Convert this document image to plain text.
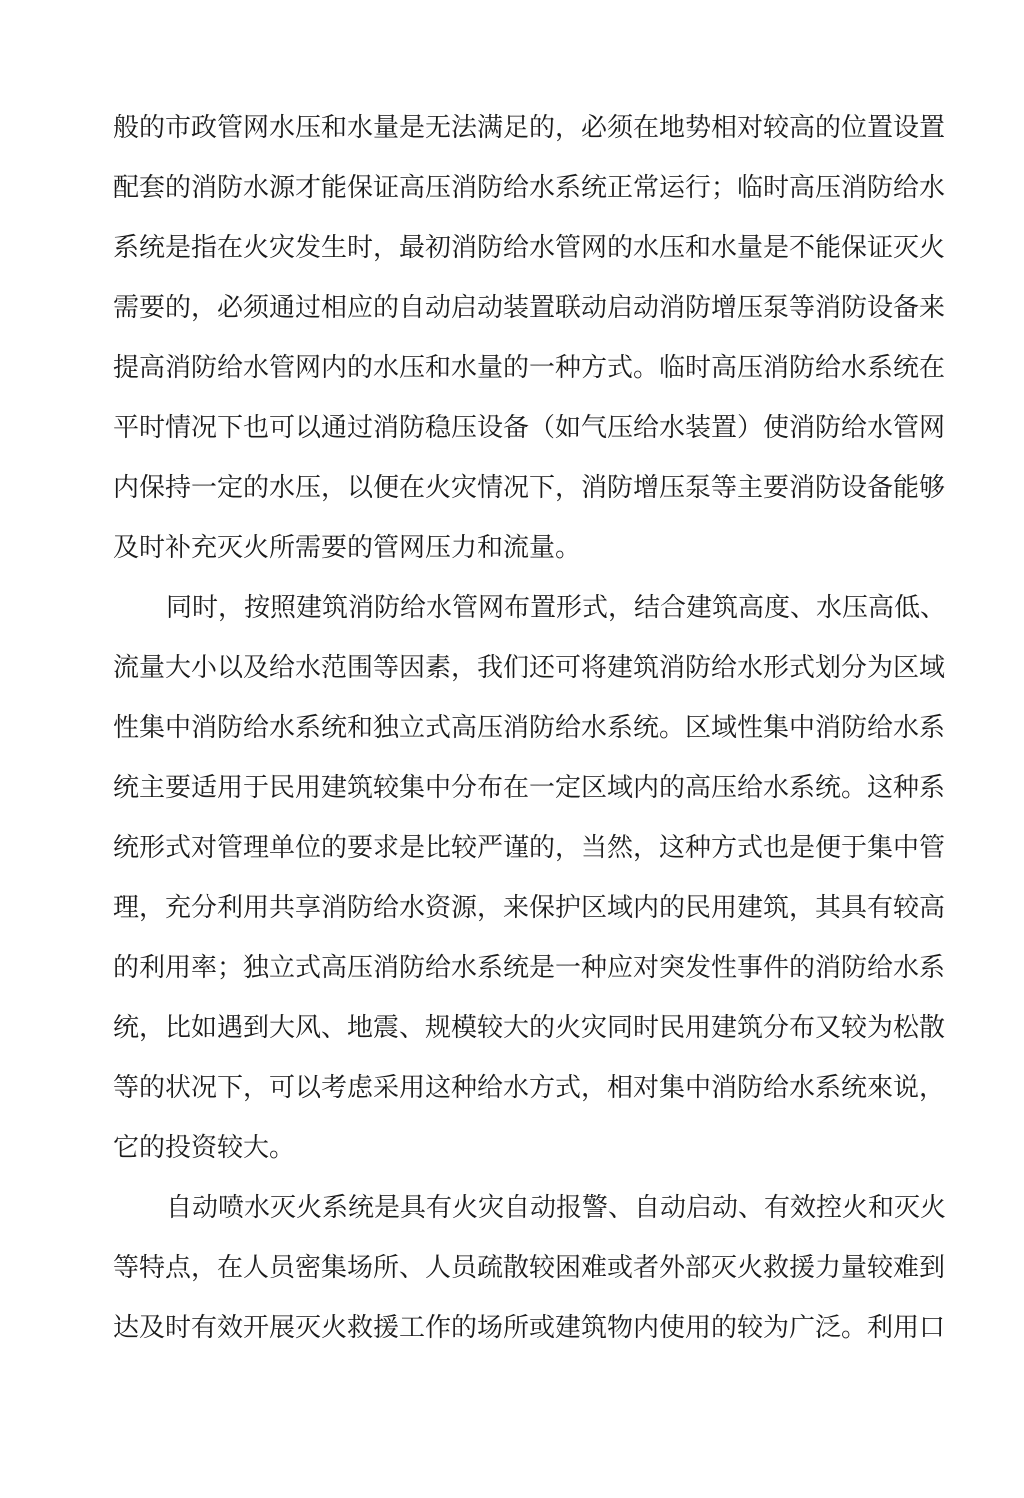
般的市政管网水压和水量是无法满足的，必须在地势相对较高的位置设置
配套的消防水源才能保证高压消防给水系统正常运行；临时高压消防给水
系统是指在火灾发生时，最初消防给水管网的水压和水量是不能保证灭火
需要的，必须通过相应的自动启动装置联动启动消防增压泵等消防设备来
提高消防给水管网内的水压和水量的一种方式。临时高压消防给水系统在
平时情况下也可以通过消防稳压设备（如气压给水装置）使消防给水管网
内保持一定的水压，以便在火灾情况下，消防增压泵等主要消防设备能够
及时补充灭火所需要的管网压力和流量。
同时，按照建筑消防给水管网布置形式，结合建筑高度、水压高低、
流量大小以及给水范围等因素，我们还可将建筑消防给水形式划分为区域
性集中消防给水系统和独立式高压消防给水系统。区域性集中消防给水系
统主要适用于民用建筑较集中分布在一定区域内的高压给水系统。这种系
统形式对管理单位的要求是比较严谨的，当然，这种方式也是便于集中管
理，充分利用共享消防给水资源，来保护区域内的民用建筑，其具有较高
的利用率；独立式高压消防给水系统是一种应对突发性事件的消防给水系
统，比如遇到大风、地震、规模较大的火灾同时民用建筑分布又较为松散
等的状况下，可以考虑采用这种给水方式，相对集中消防给水系统來说，
它的投资较大。
自动喷水灭火系统是具有火灾自动报警、自动启动、有效控火和灭火
等特点，在人员密集场所、人员疏散较困难或者外部灭火救援力量较难到
达及时有效开展灭火救援工作的场所或建筑物内使用的较为广泛。利用口
